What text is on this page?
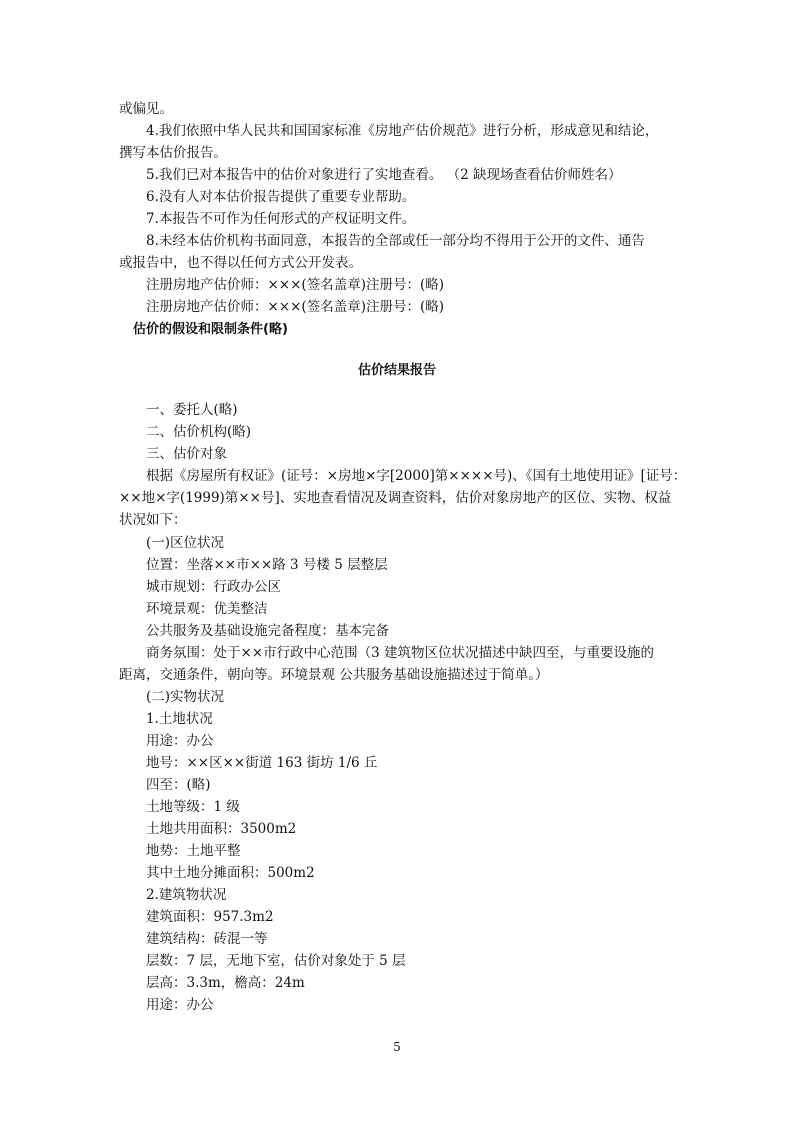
或偏见。
4.我们依照中华人民共和国国家标准《房地产估价规范》进行分析，形成意见和结论，
撰写本估价报告。
5.我们已对本报告中的估价对象进行了实地查看。 （2 缺现场查看估价师姓名）
6.没有人对本估价报告提供了重要专业帮助。
7.本报告不可作为任何形式的产权证明文件。
8.未经本估价机构书面同意，本报告的全部或任一部分均不得用于公开的文件、通告
或报告中，也不得以任何方式公开发表。
注册房地产估价师：×××(签名盖章)注册号：(略)
注册房地产估价师：×××(签名盖章)注册号：(略)
估价的假设和限制条件(略)
估价结果报告
一、委托人(略)
二、估价机构(略)
三、估价对象
根据《房屋所有权证》(证号：×房地×字[2000]第××××号)、《国有土地使用证》[证号：
××地×字(1999)第××号]、实地查看情况及调查资料，估价对象房地产的区位、实物、权益
状况如下：
(一)区位状况
位置：坐落××市××路 3 号楼 5 层整层
城市规划：行政办公区
环境景观：优美整洁
公共服务及基础设施完备程度：基本完备
商务氛围：处于××市行政中心范围（3 建筑物区位状况描述中缺四至，与重要设施的
距离，交通条件，朝向等。环境景观 公共服务基础设施描述过于简单。）
(二)实物状况
1.土地状况
用途：办公
地号：××区××街道 163 街坊 1/6 丘
四至：(略)
土地等级：1 级
土地共用面积：3500m2
地势：土地平整
其中土地分摊面积：500m2
2.建筑物状况
建筑面积：957.3m2
建筑结构：砖混一等
层数：7 层，无地下室，估价对象处于 5 层
层高：3.3m，檐高：24m
用途：办公
5
